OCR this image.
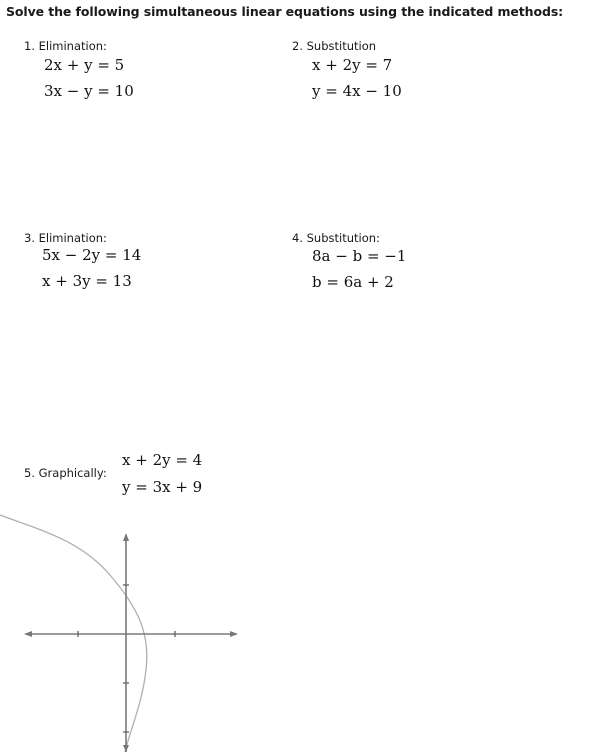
Solve the following simultaneous linear equations using the indicated methods:
1. Elimination:
2x + y = 5
3x − y = 10
2. Substitution
x + 2y = 7
y = 4x − 10
3. Elimination:
5x − 2y = 14
x + 3y = 13
4. Substitution:
8a − b = −1
b = 6a + 2
5. Graphically:
x + 2y = 4
y = 3x + 9
